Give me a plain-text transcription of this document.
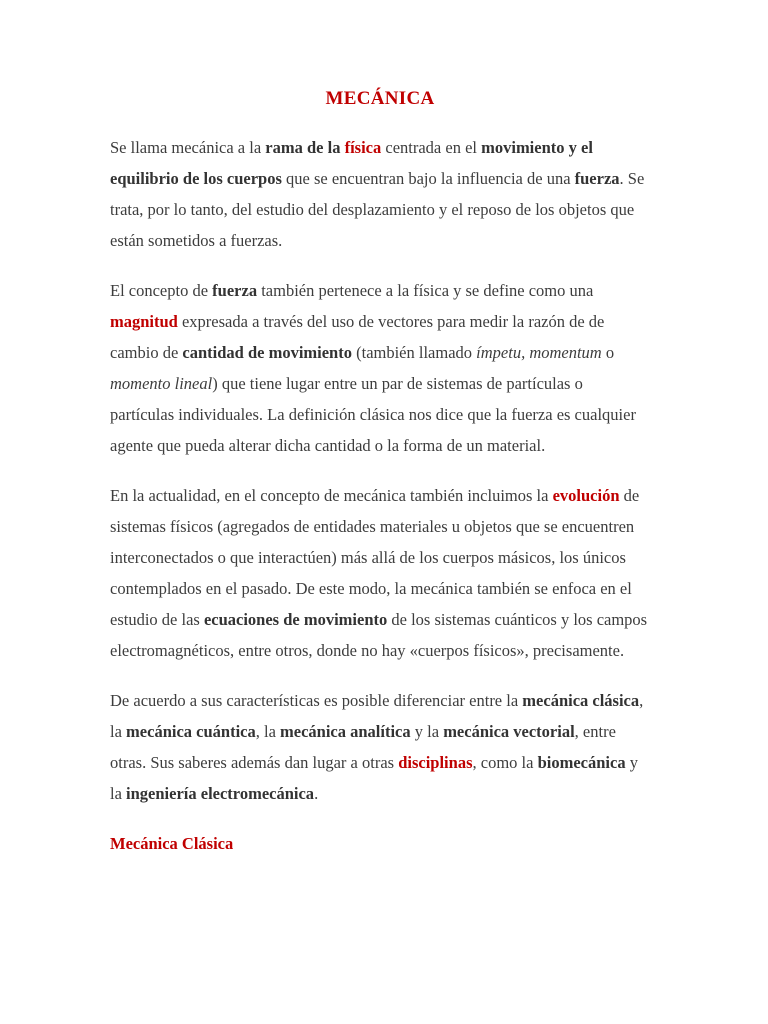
MECÁNICA

Se llama mecánica a la rama de la física centrada en el movimiento y el equilibrio de los cuerpos que se encuentran bajo la influencia de una fuerza. Se trata, por lo tanto, del estudio del desplazamiento y el reposo de los objetos que están sometidos a fuerzas.

El concepto de fuerza también pertenece a la física y se define como una magnitud expresada a través del uso de vectores para medir la razón de de cambio de cantidad de movimiento (también llamado ímpetu, momentum o momento lineal) que tiene lugar entre un par de sistemas de partículas o partículas individuales. La definición clásica nos dice que la fuerza es cualquier agente que pueda alterar dicha cantidad o la forma de un material.

En la actualidad, en el concepto de mecánica también incluimos la evolución de sistemas físicos (agregados de entidades materiales u objetos que se encuentren interconectados o que interactúen) más allá de los cuerpos másicos, los únicos contemplados en el pasado. De este modo, la mecánica también se enfoca en el estudio de las ecuaciones de movimiento de los sistemas cuánticos y los campos electromagnéticos, entre otros, donde no hay «cuerpos físicos», precisamente.

De acuerdo a sus características es posible diferenciar entre la mecánica clásica, la mecánica cuántica, la mecánica analítica y la mecánica vectorial, entre otras. Sus saberes además dan lugar a otras disciplinas, como la biomecánica y la ingeniería electromecánica.

Mecánica Clásica
